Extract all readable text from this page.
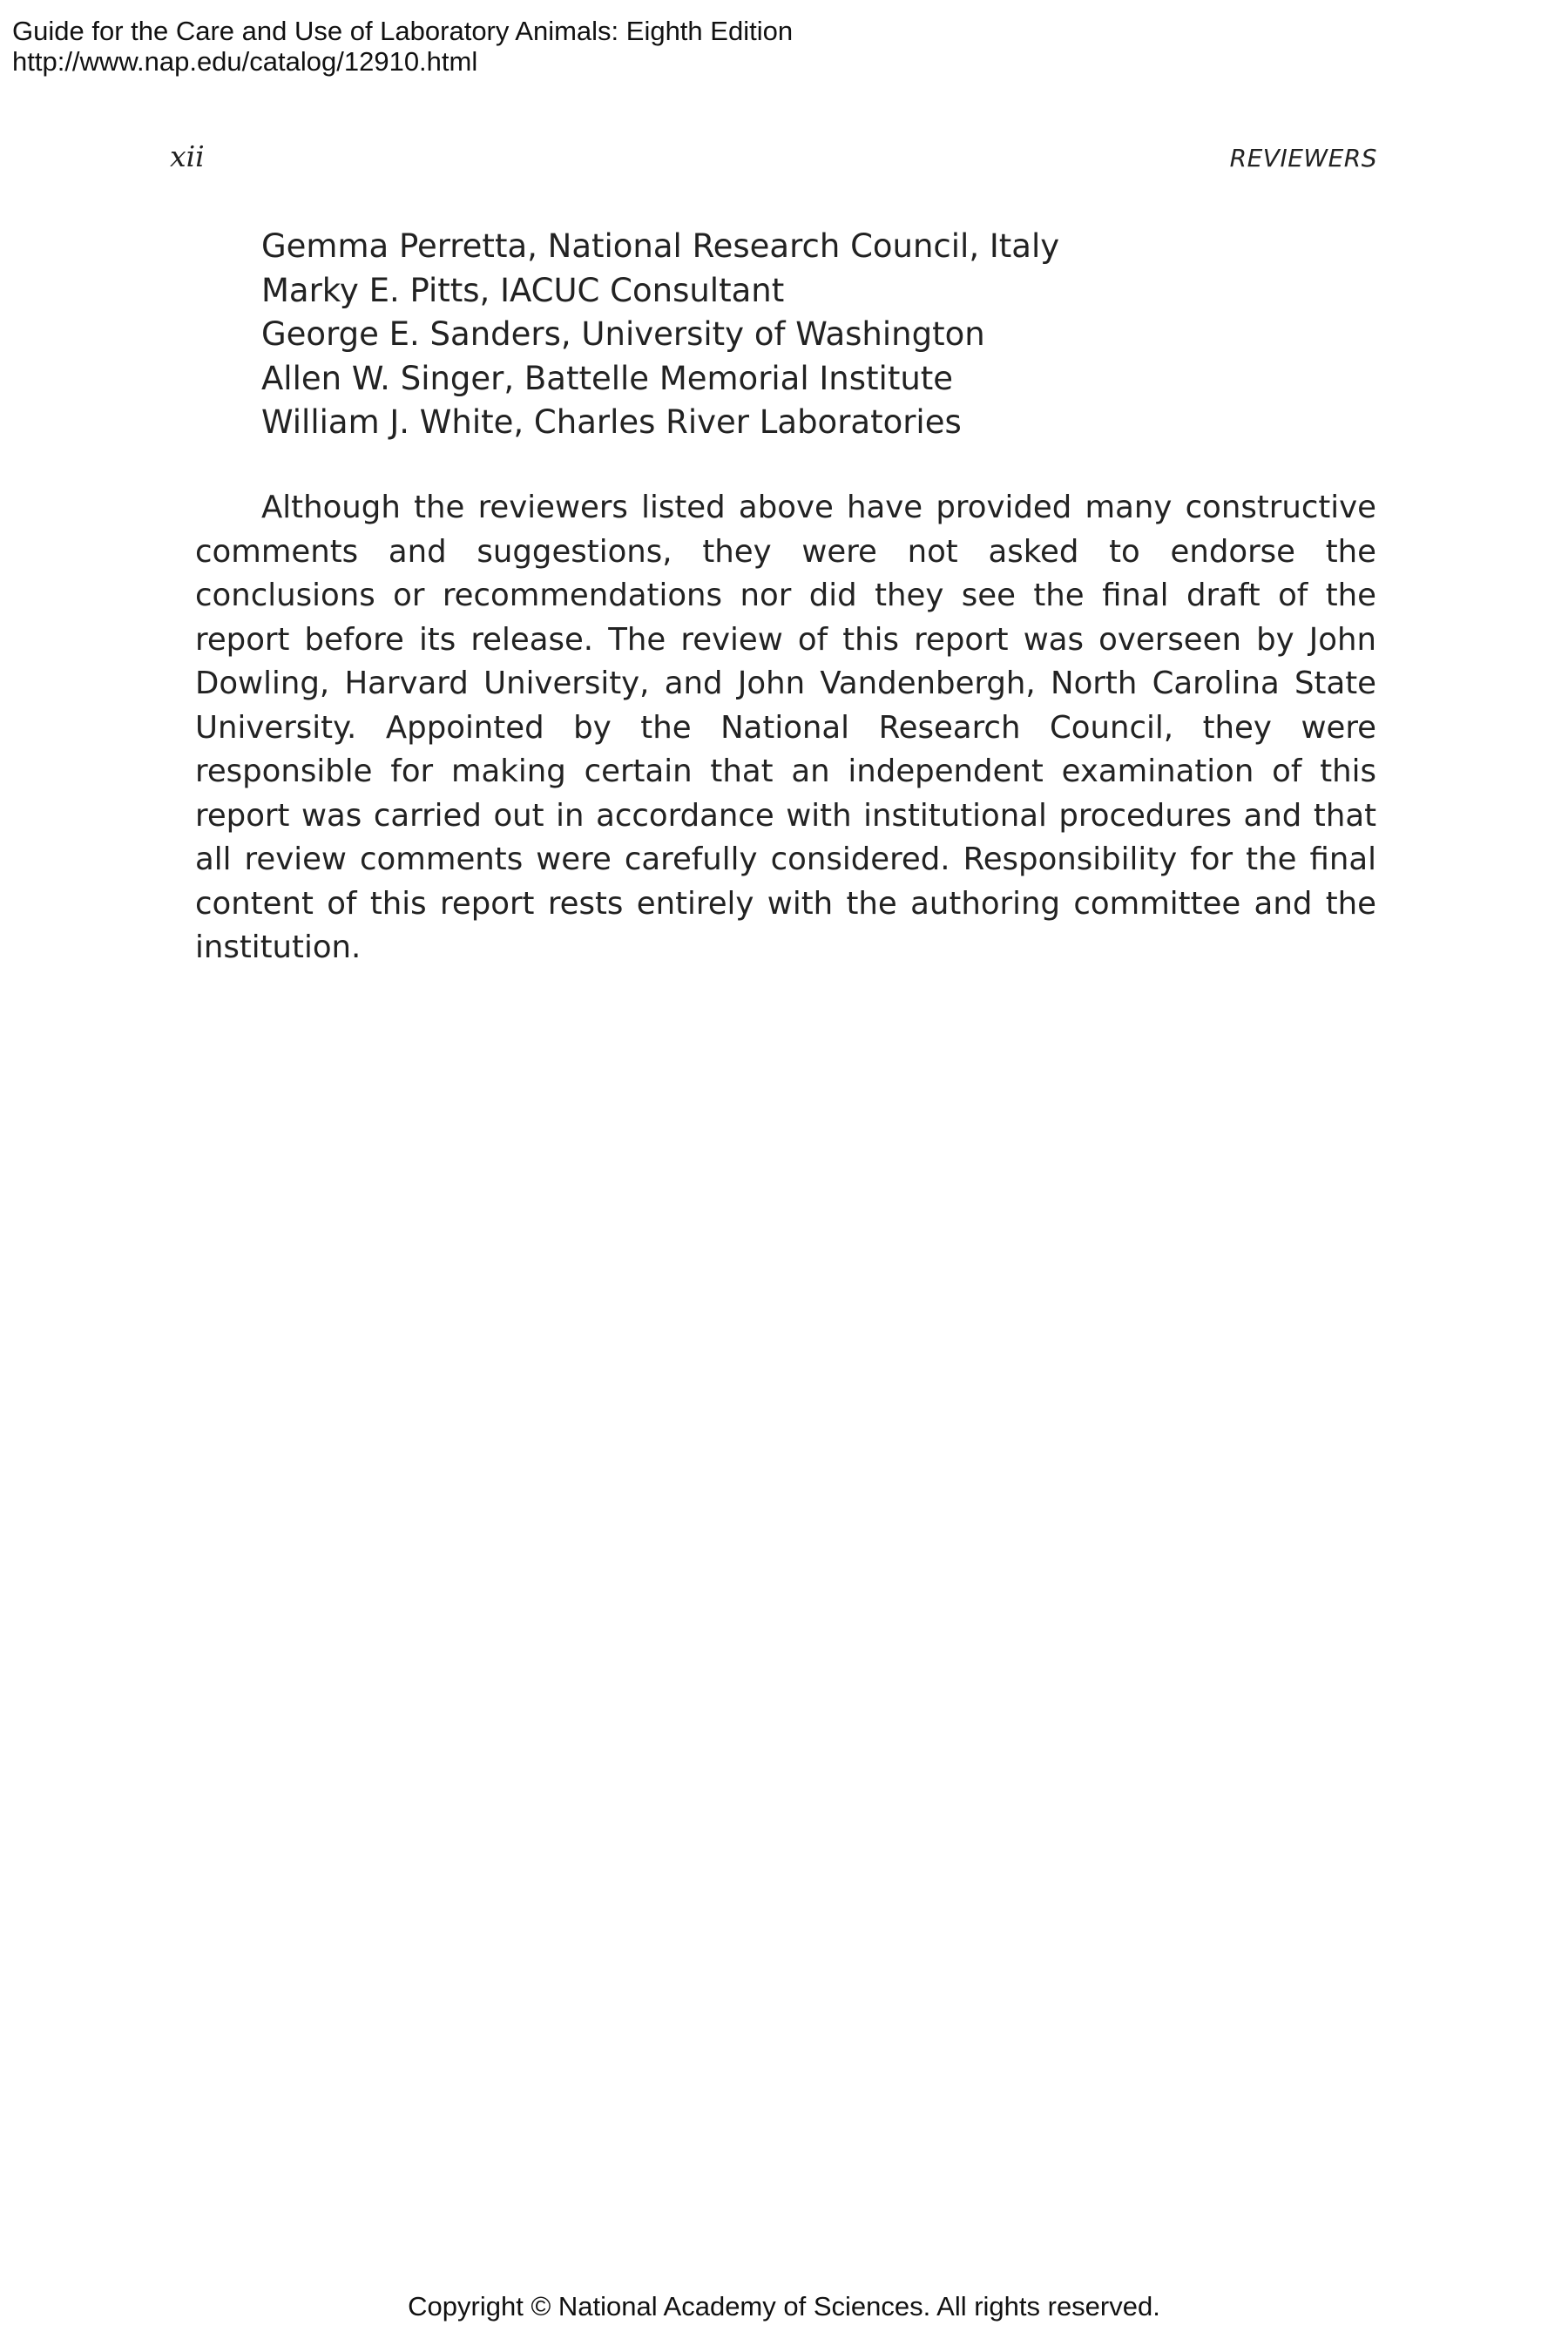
Guide for the Care and Use of Laboratory Animals: Eighth Edition
http://www.nap.edu/catalog/12910.html
xii	REVIEWERS
Gemma Perretta, National Research Council, Italy
Marky E. Pitts, IACUC Consultant
George E. Sanders, University of Washington
Allen W. Singer, Battelle Memorial Institute
William J. White, Charles River Laboratories

Although the reviewers listed above have provided many constructive comments and suggestions, they were not asked to endorse the conclusions or recommendations nor did they see the final draft of the report before its release. The review of this report was overseen by John Dowling, Harvard University, and John Vandenbergh, North Carolina State University. Appointed by the National Research Council, they were responsible for making certain that an independent examination of this report was carried out in accordance with institutional procedures and that all review comments were carefully considered. Responsibility for the final content of this report rests entirely with the authoring committee and the institution.

Copyright © National Academy of Sciences. All rights reserved.
